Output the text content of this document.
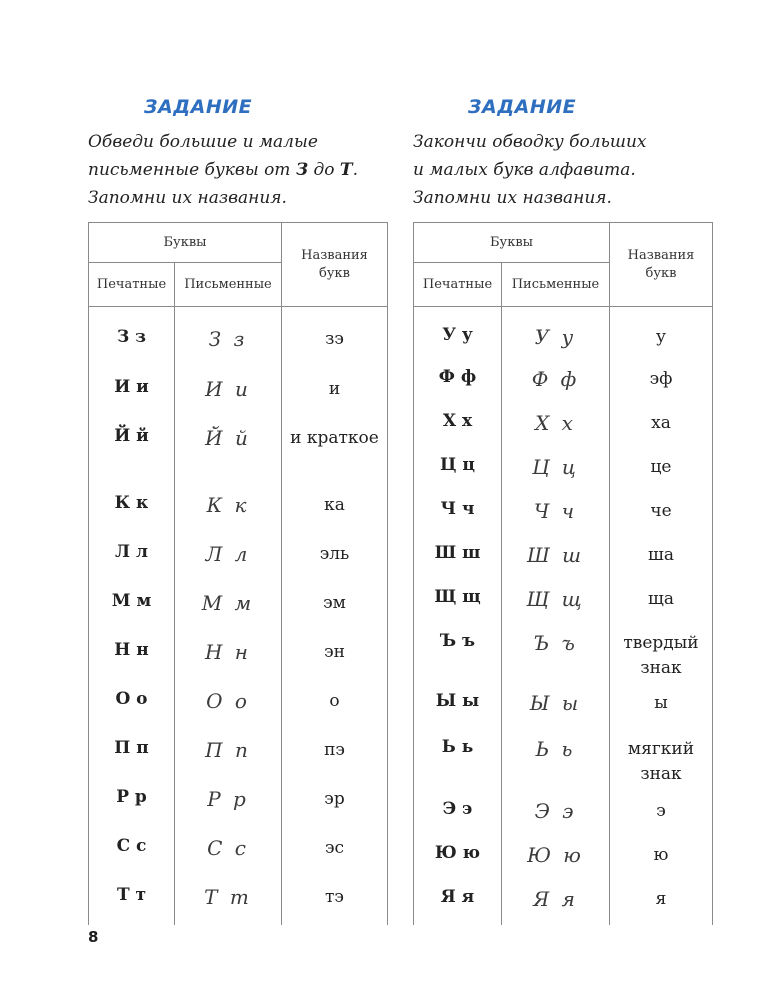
ЗАДАНИЕ
Обведи большие и малые
письменные буквы от З до Т.
Запомни их названия.
Буквы		Названия букв
Печатные	Письменные	
З з	З з	зэ
И и	И и	и
Й й	Й й	и краткое
К к	К к	ка
Л л	Л л	эль
М м	М м	эм
Н н	Н н	эн
О о	О о	о
П п	П п	пэ
Р р	Р р	эр
С с	С с	эс
Т т	Т т	тэ
ЗАДАНИЕ
Закончи обводку больших
и малых букв алфавита.
Запомни их названия.
Буквы		Названия букв
Печатные	Письменные	
У у	У у	у
Ф ф	Ф ф	эф
Х х	Х х	ха
Ц ц	Ц ц	це
Ч ч	Ч ч	че
Ш ш	Ш ш	ша
Щ щ	Щ щ	ща
Ъ ъ	Ъ ъ	твердый знак
Ы ы	Ы ы	ы
Ь ь	Ь ь	мягкий знак
Э э	Э э	э
Ю ю	Ю ю	ю
Я я	Я я	я
8
